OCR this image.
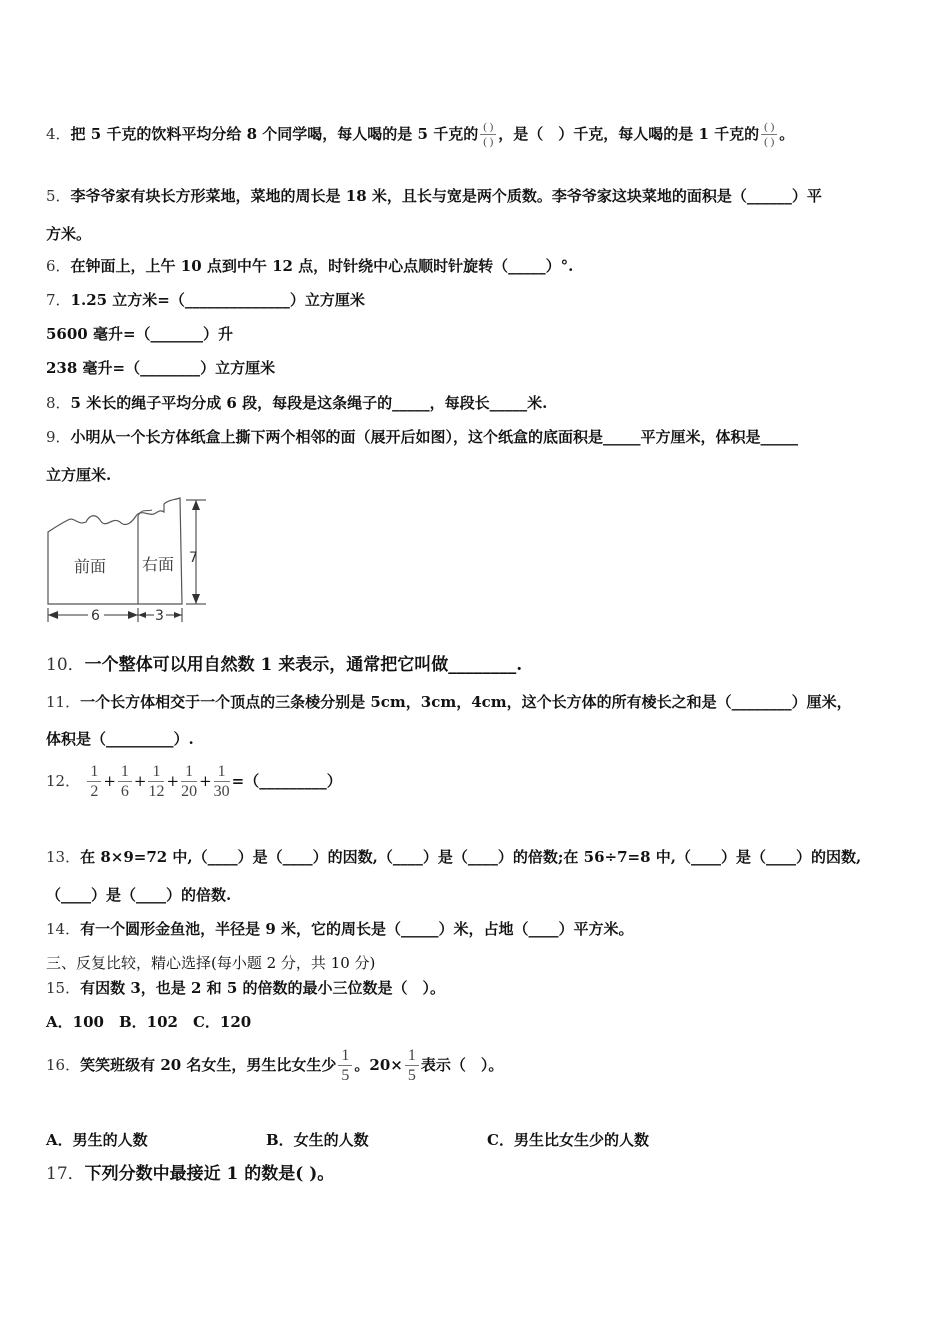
4．把 5 千克的饮料平均分给 8 个同学喝，每人喝的是 5 千克的 $\frac{( )}{( )}$ ，是（　）千克，每人喝的是 1 千克的 $\frac{( )}{( )}$ 。
5．李爷爷家有块长方形菜地，菜地的周长是 18 米，且长与宽是两个质数。李爷爷家这块菜地的面积是（______）平
方米。
6．在钟面上，上午 10 点到中午 12 点，时针绕中心点顺时针旋转（_____）°.
7．1.25 立方米=（______________）立方厘米
5600 毫升=（_______）升
238 毫升=（________）立方厘米
8．5 米长的绳子平均分成 6 段，每段是这条绳子的_____，每段长_____米.
9．小明从一个长方体纸盒上撕下两个相邻的面（展开后如图），这个纸盒的底面积是_____平方厘米，体积是_____
立方厘米.
前面 右面 7
6	3
10．一个整体可以用自然数 1 来表示，通常把它叫做________.
11．一个长方体相交于一个顶点的三条棱分别是 5cm，3cm，4cm，这个长方体的所有棱长之和是（________）厘米，
体积是（_________）.
12． $\frac{1}{2} + \frac{1}{6} + \frac{1}{12} + \frac{1}{20} + \frac{1}{30}$ =（_________）
13．在 8×9=72 中,（____）是（____）的因数,（____）是（____）的倍数;在 56÷7=8 中,（____）是（____）的因数,
（____）是（____）的倍数.
14．有一个圆形金鱼池，半径是 9 米，它的周长是（_____）米，占地（____）平方米。
三、反复比较，精心选择(每小题 2 分，共 10 分)
15．有因数 3，也是 2 和 5 的倍数的最小三位数是（　）。
A．100　B．102　C．120
16．笑笑班级有 20 名女生，男生比女生少 $\frac{1}{5}$ 。$20\times \frac{1}{5}$ 表示（　）。
A．男生的人数	B．女生的人数	C．男生比女生少的人数
17．下列分数中最接近 1 的数是( )。
